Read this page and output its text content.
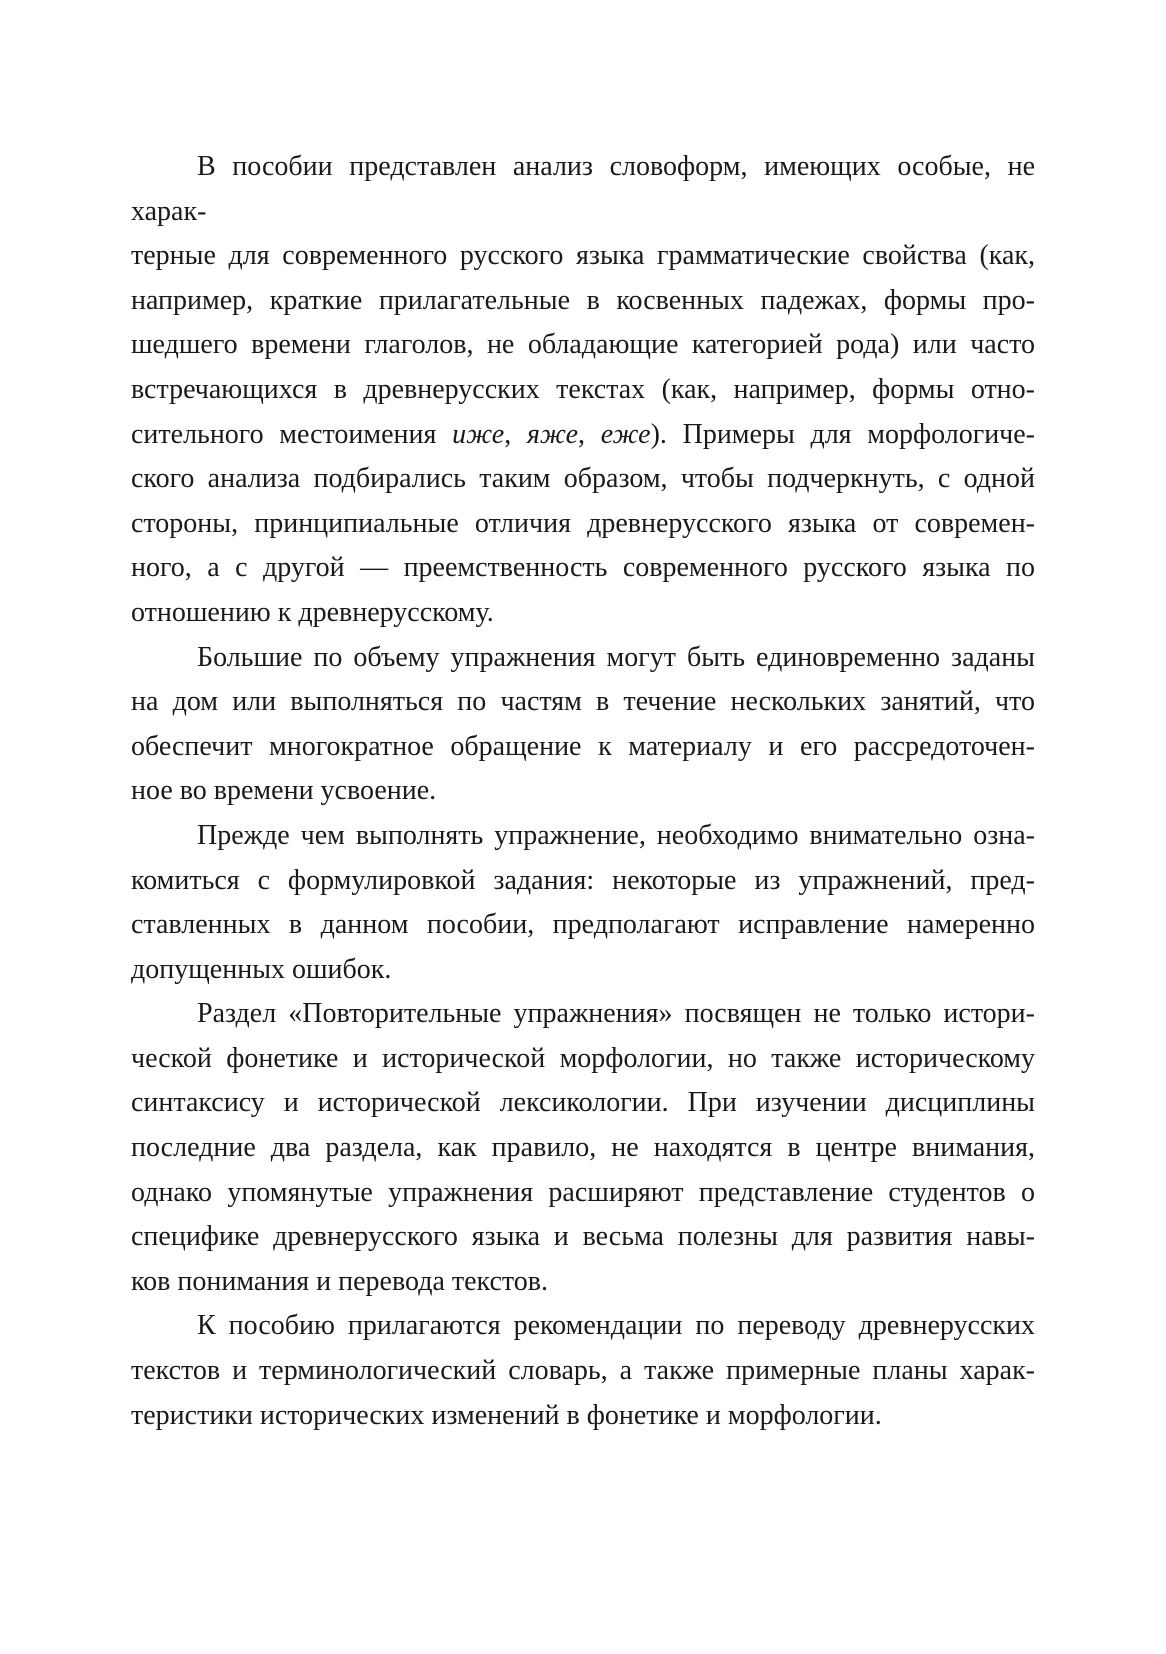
В пособии представлен анализ словоформ, имеющих особые, не харак-
терные для современного русского языка грамматические свойства (как,
например, краткие прилагательные в косвенных падежах, формы про-
шедшего времени глаголов, не обладающие категорией рода) или часто
встречающихся в древнерусских текстах (как, например, формы отно-
сительного местоимения иже, яже, еже). Примеры для морфологиче-
ского анализа подбирались таким образом, чтобы подчеркнуть, с одной
стороны, принципиальные отличия древнерусского языка от современ-
ного, а с другой — преемственность современного русского языка по
отношению к древнерусскому.

Большие по объему упражнения могут быть единовременно заданы
на дом или выполняться по частям в течение нескольких занятий, что
обеспечит многократное обращение к материалу и его рассредоточен-
ное во времени усвоение.

Прежде чем выполнять упражнение, необходимо внимательно озна-
комиться с формулировкой задания: некоторые из упражнений, пред-
ставленных в данном пособии, предполагают исправление намеренно
допущенных ошибок.

Раздел «Повторительные упражнения» посвящен не только истори-
ческой фонетике и исторической морфологии, но также историческому
синтаксису и исторической лексикологии. При изучении дисциплины
последние два раздела, как правило, не находятся в центре внимания,
однако упомянутые упражнения расширяют представление студентов о
специфике древнерусского языка и весьма полезны для развития навы-
ков понимания и перевода текстов.

К пособию прилагаются рекомендации по переводу древнерусских
текстов и терминологический словарь, а также примерные планы харак-
теристики исторических изменений в фонетике и морфологии.
